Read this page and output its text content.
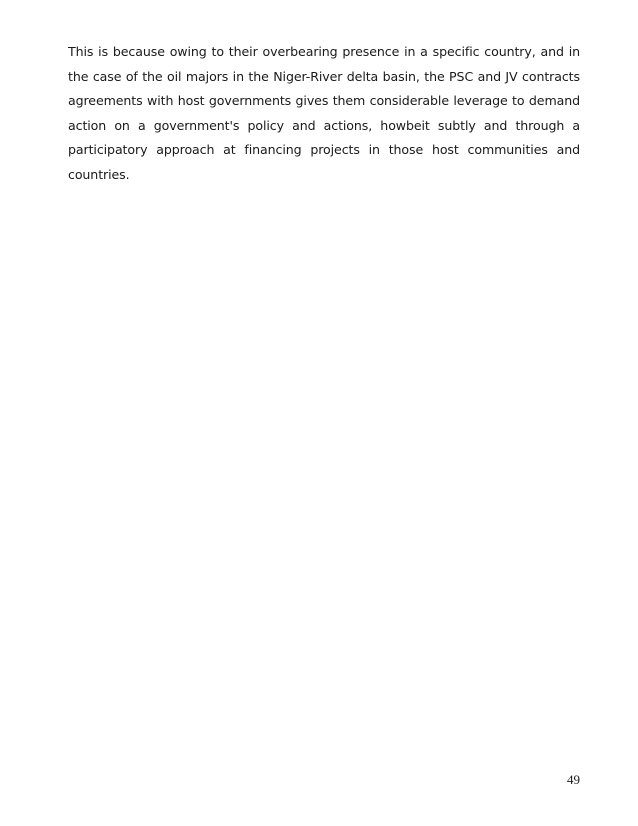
This is because owing to their overbearing presence in a specific country, and in the case of the oil majors in the Niger-River delta basin, the PSC and JV contracts agreements with host governments gives them considerable leverage to demand action on a government's policy and actions, howbeit subtly and through a participatory approach at financing projects in those host communities and countries.

49
